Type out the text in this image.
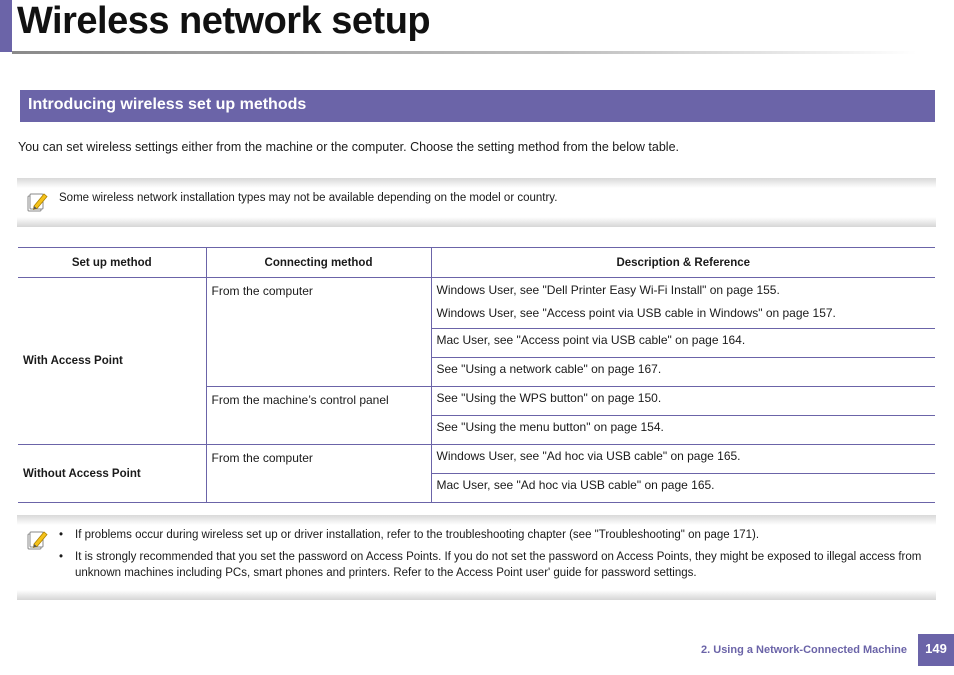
Wireless network setup
Introducing wireless set up methods

You can set wireless settings either from the machine or the computer. Choose the setting method from the below table.

Some wireless network installation types may not be available depending on the model or country.
Set up method	Connecting method	Description & Reference
With Access Point	From the computer	Windows User, see "Dell Printer Easy Wi-Fi Install" on page 155.
Windows User, see "Access point via USB cable in Windows" on page 157.

		Mac User, see "Access point via USB cable" on page 164.

		See "Using a network cable" on page 167.

	From the machine’s control panel	See "Using the WPS button" on page 150.

		See "Using the menu button" on page 154.

Without Access Point	From the computer	Windows User, see "Ad hoc via USB cable" on page 165.

		Mac User, see "Ad hoc via USB cable" on page 165.
• If problems occur during wireless set up or driver installation, refer to the troubleshooting chapter (see "Troubleshooting" on page 171).
• It is strongly recommended that you set the password on Access Points. If you do not set the password on Access Points, they might be exposed to illegal access from unknown machines including PCs, smart phones and printers. Refer to the Access Point user' guide for password settings.
2. Using a Network-Connected Machine	149
